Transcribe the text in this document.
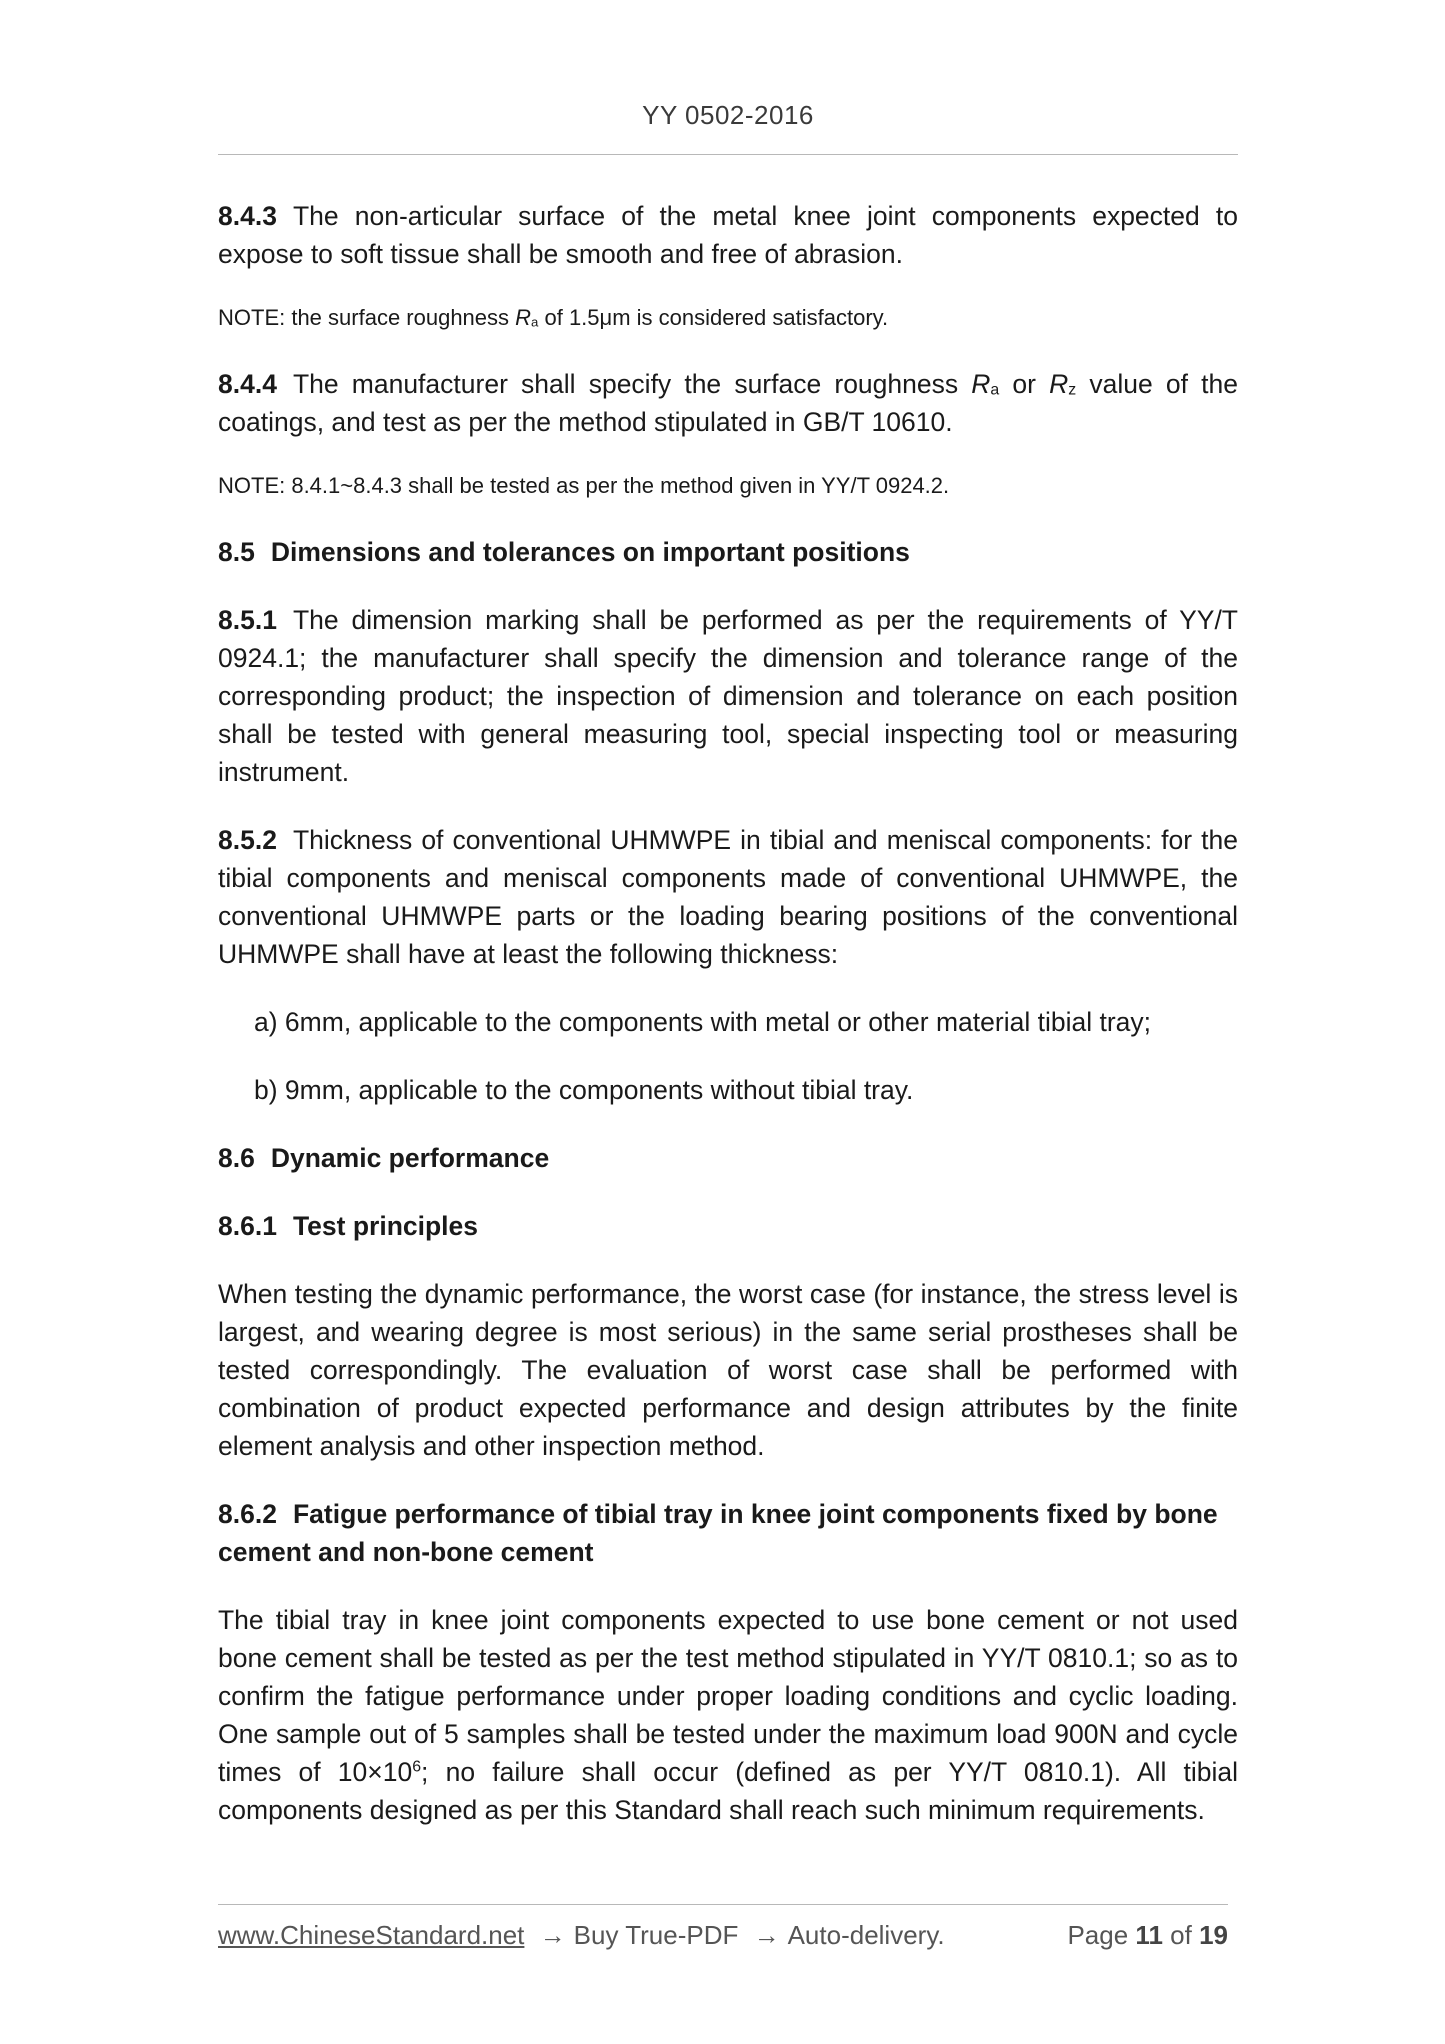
YY 0502-2016

8.4.3 The non-articular surface of the metal knee joint components expected to expose to soft tissue shall be smooth and free of abrasion.

NOTE: the surface roughness $R_a$ of 1.5μm is considered satisfactory.

8.4.4 The manufacturer shall specify the surface roughness $R_a$ or $R_z$ value of the coatings, and test as per the method stipulated in GB/T 10610.

NOTE: 8.4.1~8.4.3 shall be tested as per the method given in YY/T 0924.2.

8.5 Dimensions and tolerances on important positions

8.5.1 The dimension marking shall be performed as per the requirements of YY/T 0924.1; the manufacturer shall specify the dimension and tolerance range of the corresponding product; the inspection of dimension and tolerance on each position shall be tested with general measuring tool, special inspecting tool or measuring instrument.

8.5.2 Thickness of conventional UHMWPE in tibial and meniscal components: for the tibial components and meniscal components made of conventional UHMWPE, the conventional UHMWPE parts or the loading bearing positions of the conventional UHMWPE shall have at least the following thickness:

a) 6mm, applicable to the components with metal or other material tibial tray;

b) 9mm, applicable to the components without tibial tray.

8.6 Dynamic performance

8.6.1 Test principles

When testing the dynamic performance, the worst case (for instance, the stress level is largest, and wearing degree is most serious) in the same serial prostheses shall be tested correspondingly. The evaluation of worst case shall be performed with combination of product expected performance and design attributes by the finite element analysis and other inspection method.

8.6.2 Fatigue performance of tibial tray in knee joint components fixed by bone cement and non-bone cement

The tibial tray in knee joint components expected to use bone cement or not used bone cement shall be tested as per the test method stipulated in YY/T 0810.1; so as to confirm the fatigue performance under proper loading conditions and cyclic loading. One sample out of 5 samples shall be tested under the maximum load 900N and cycle times of $10\times 10^6$; no failure shall occur (defined as per YY/T 0810.1). All tibial components designed as per this Standard shall reach such minimum requirements.

www.ChineseStandard.net → Buy True-PDF → Auto-delivery.	Page 11 of 19
